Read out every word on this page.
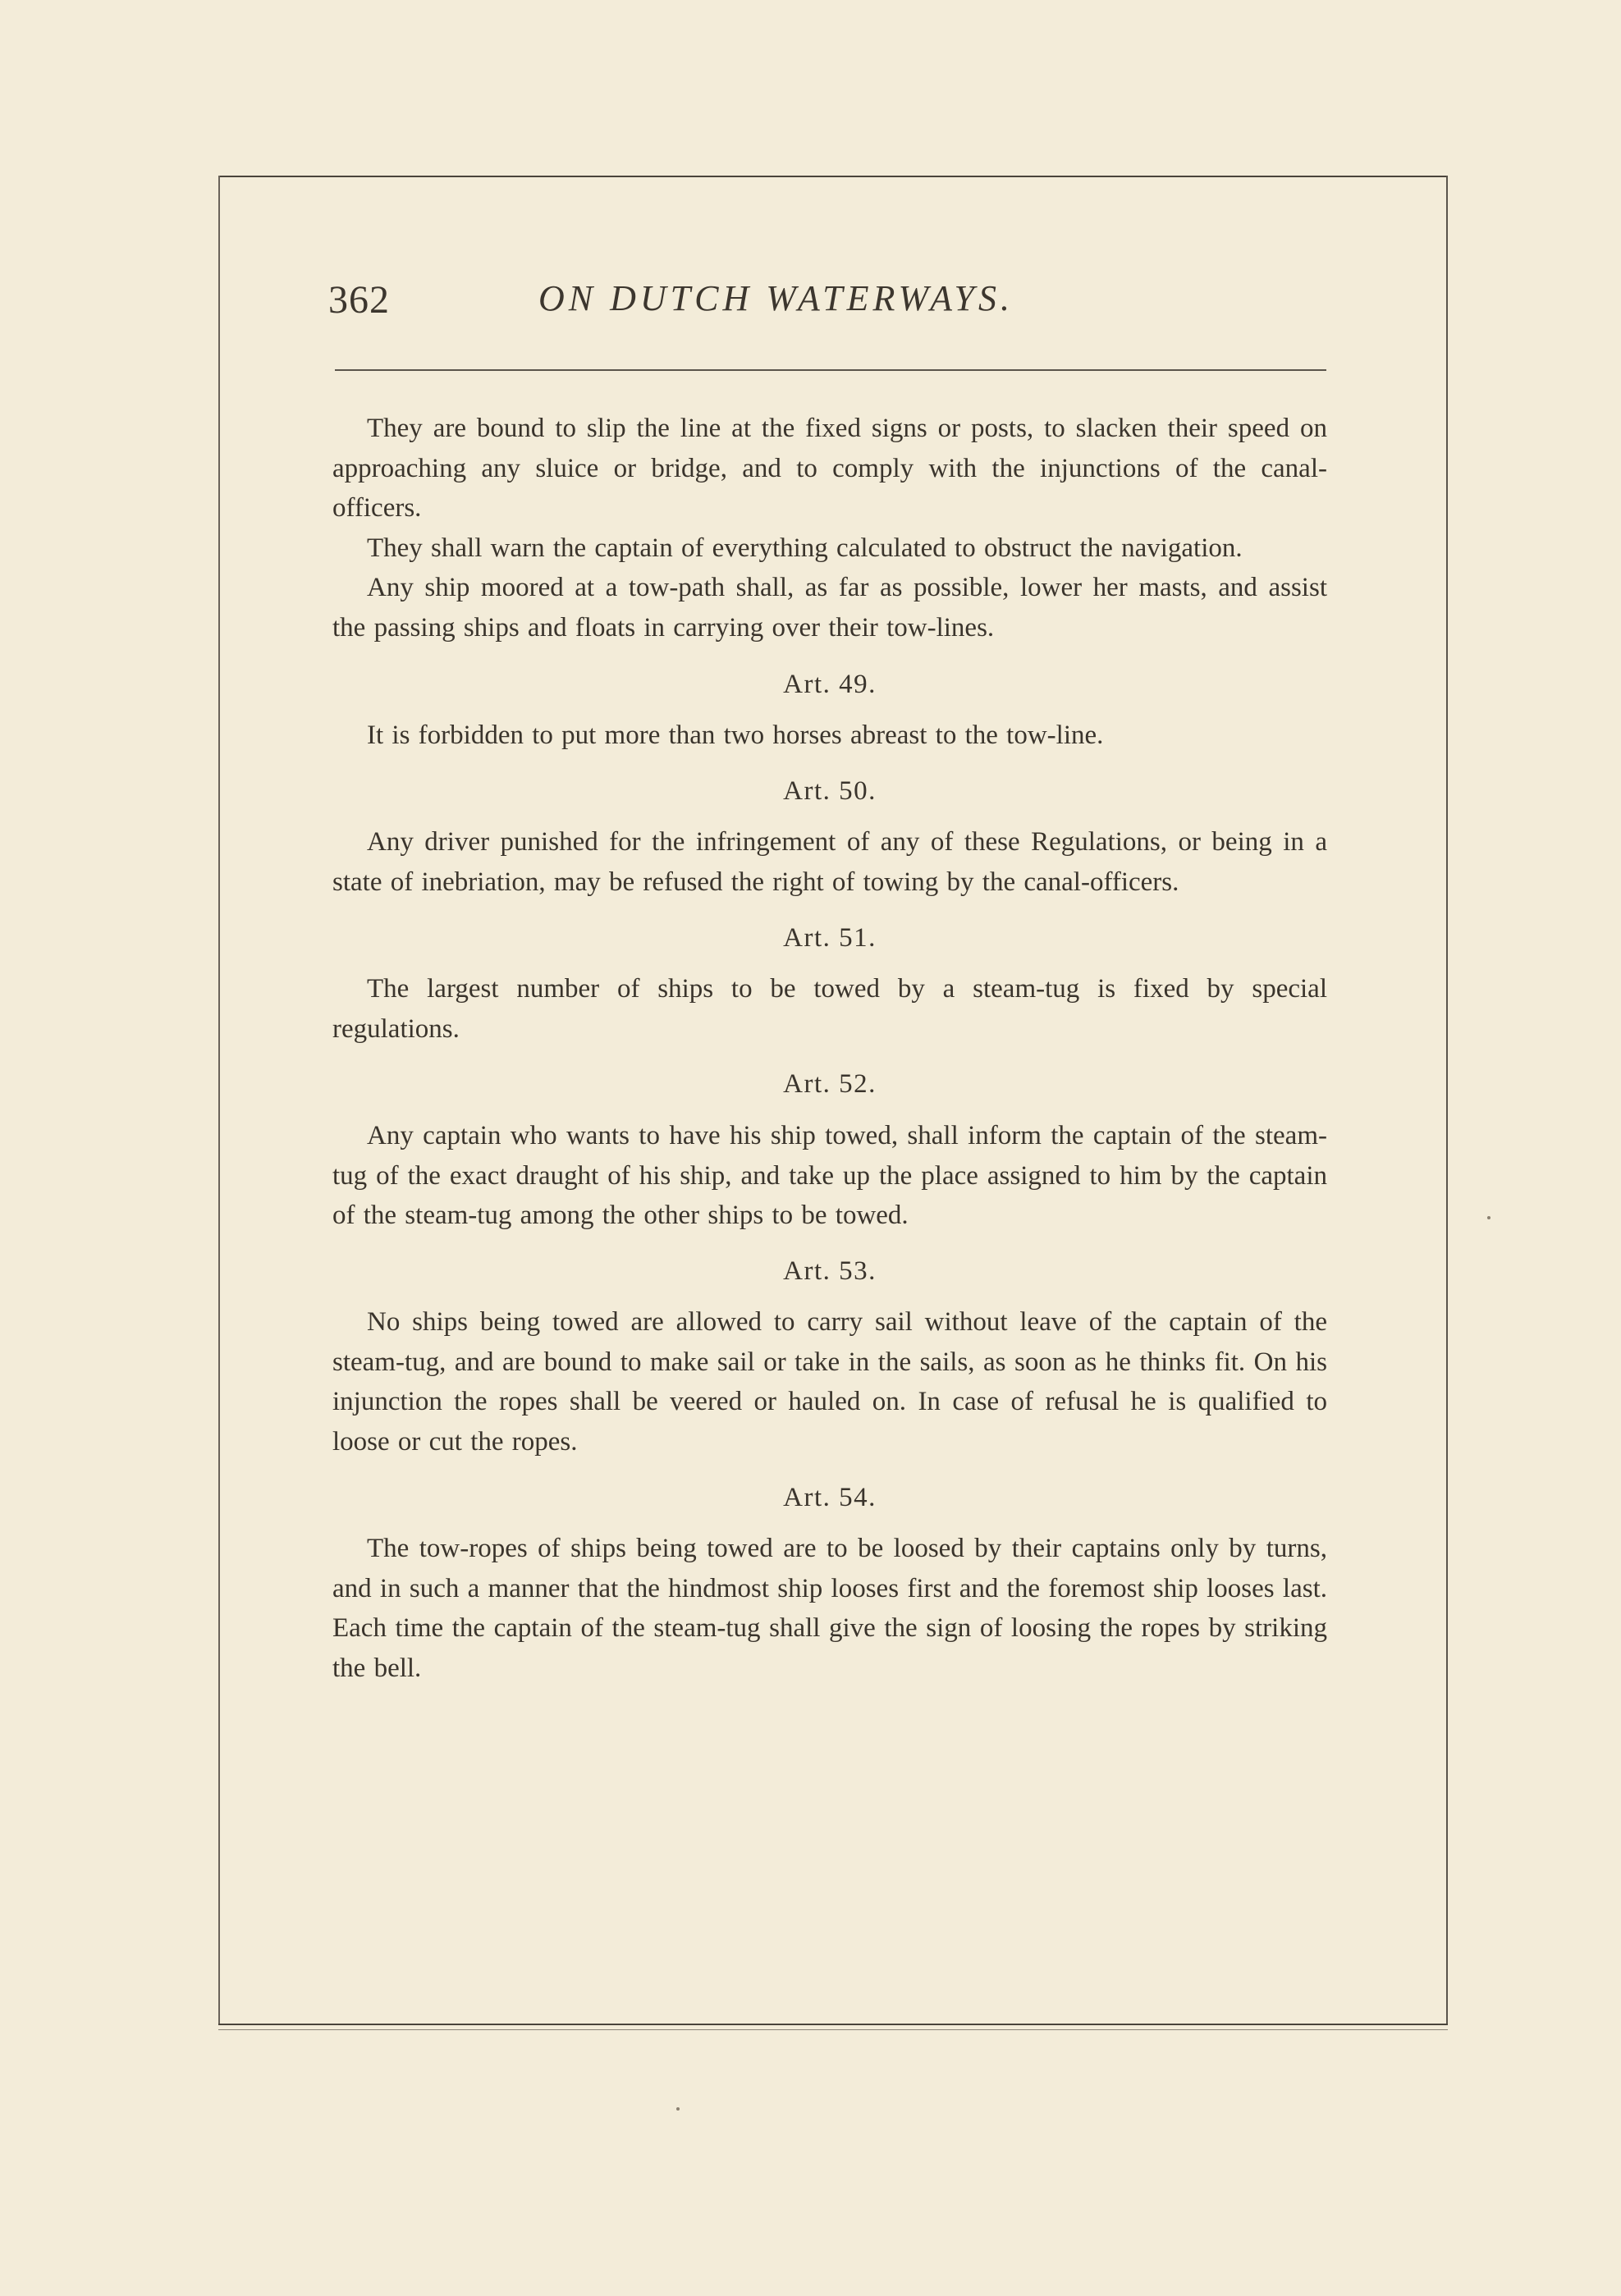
362	ON DUTCH WATERWAYS.

They are bound to slip the line at the fixed signs or posts, to slacken their speed on approaching any sluice or bridge, and to comply with the injunctions of the canal-officers.

They shall warn the captain of everything calculated to obstruct the navigation.

Any ship moored at a tow-path shall, as far as possible, lower her masts, and assist the passing ships and floats in carrying over their tow-lines.

Art. 49.

It is forbidden to put more than two horses abreast to the tow-line.

Art. 50.

Any driver punished for the infringement of any of these Regulations, or being in a state of inebriation, may be refused the right of towing by the canal-officers.

Art. 51.

The largest number of ships to be towed by a steam-tug is fixed by special regulations.

Art. 52.

Any captain who wants to have his ship towed, shall inform the captain of the steam-tug of the exact draught of his ship, and take up the place assigned to him by the captain of the steam-tug among the other ships to be towed.

Art. 53.

No ships being towed are allowed to carry sail without leave of the captain of the steam-tug, and are bound to make sail or take in the sails, as soon as he thinks fit. On his injunction the ropes shall be veered or hauled on. In case of refusal he is qualified to loose or cut the ropes.

Art. 54.

The tow-ropes of ships being towed are to be loosed by their captains only by turns, and in such a manner that the hindmost ship looses first and the foremost ship looses last. Each time the captain of the steam-tug shall give the sign of loosing the ropes by striking the bell.
